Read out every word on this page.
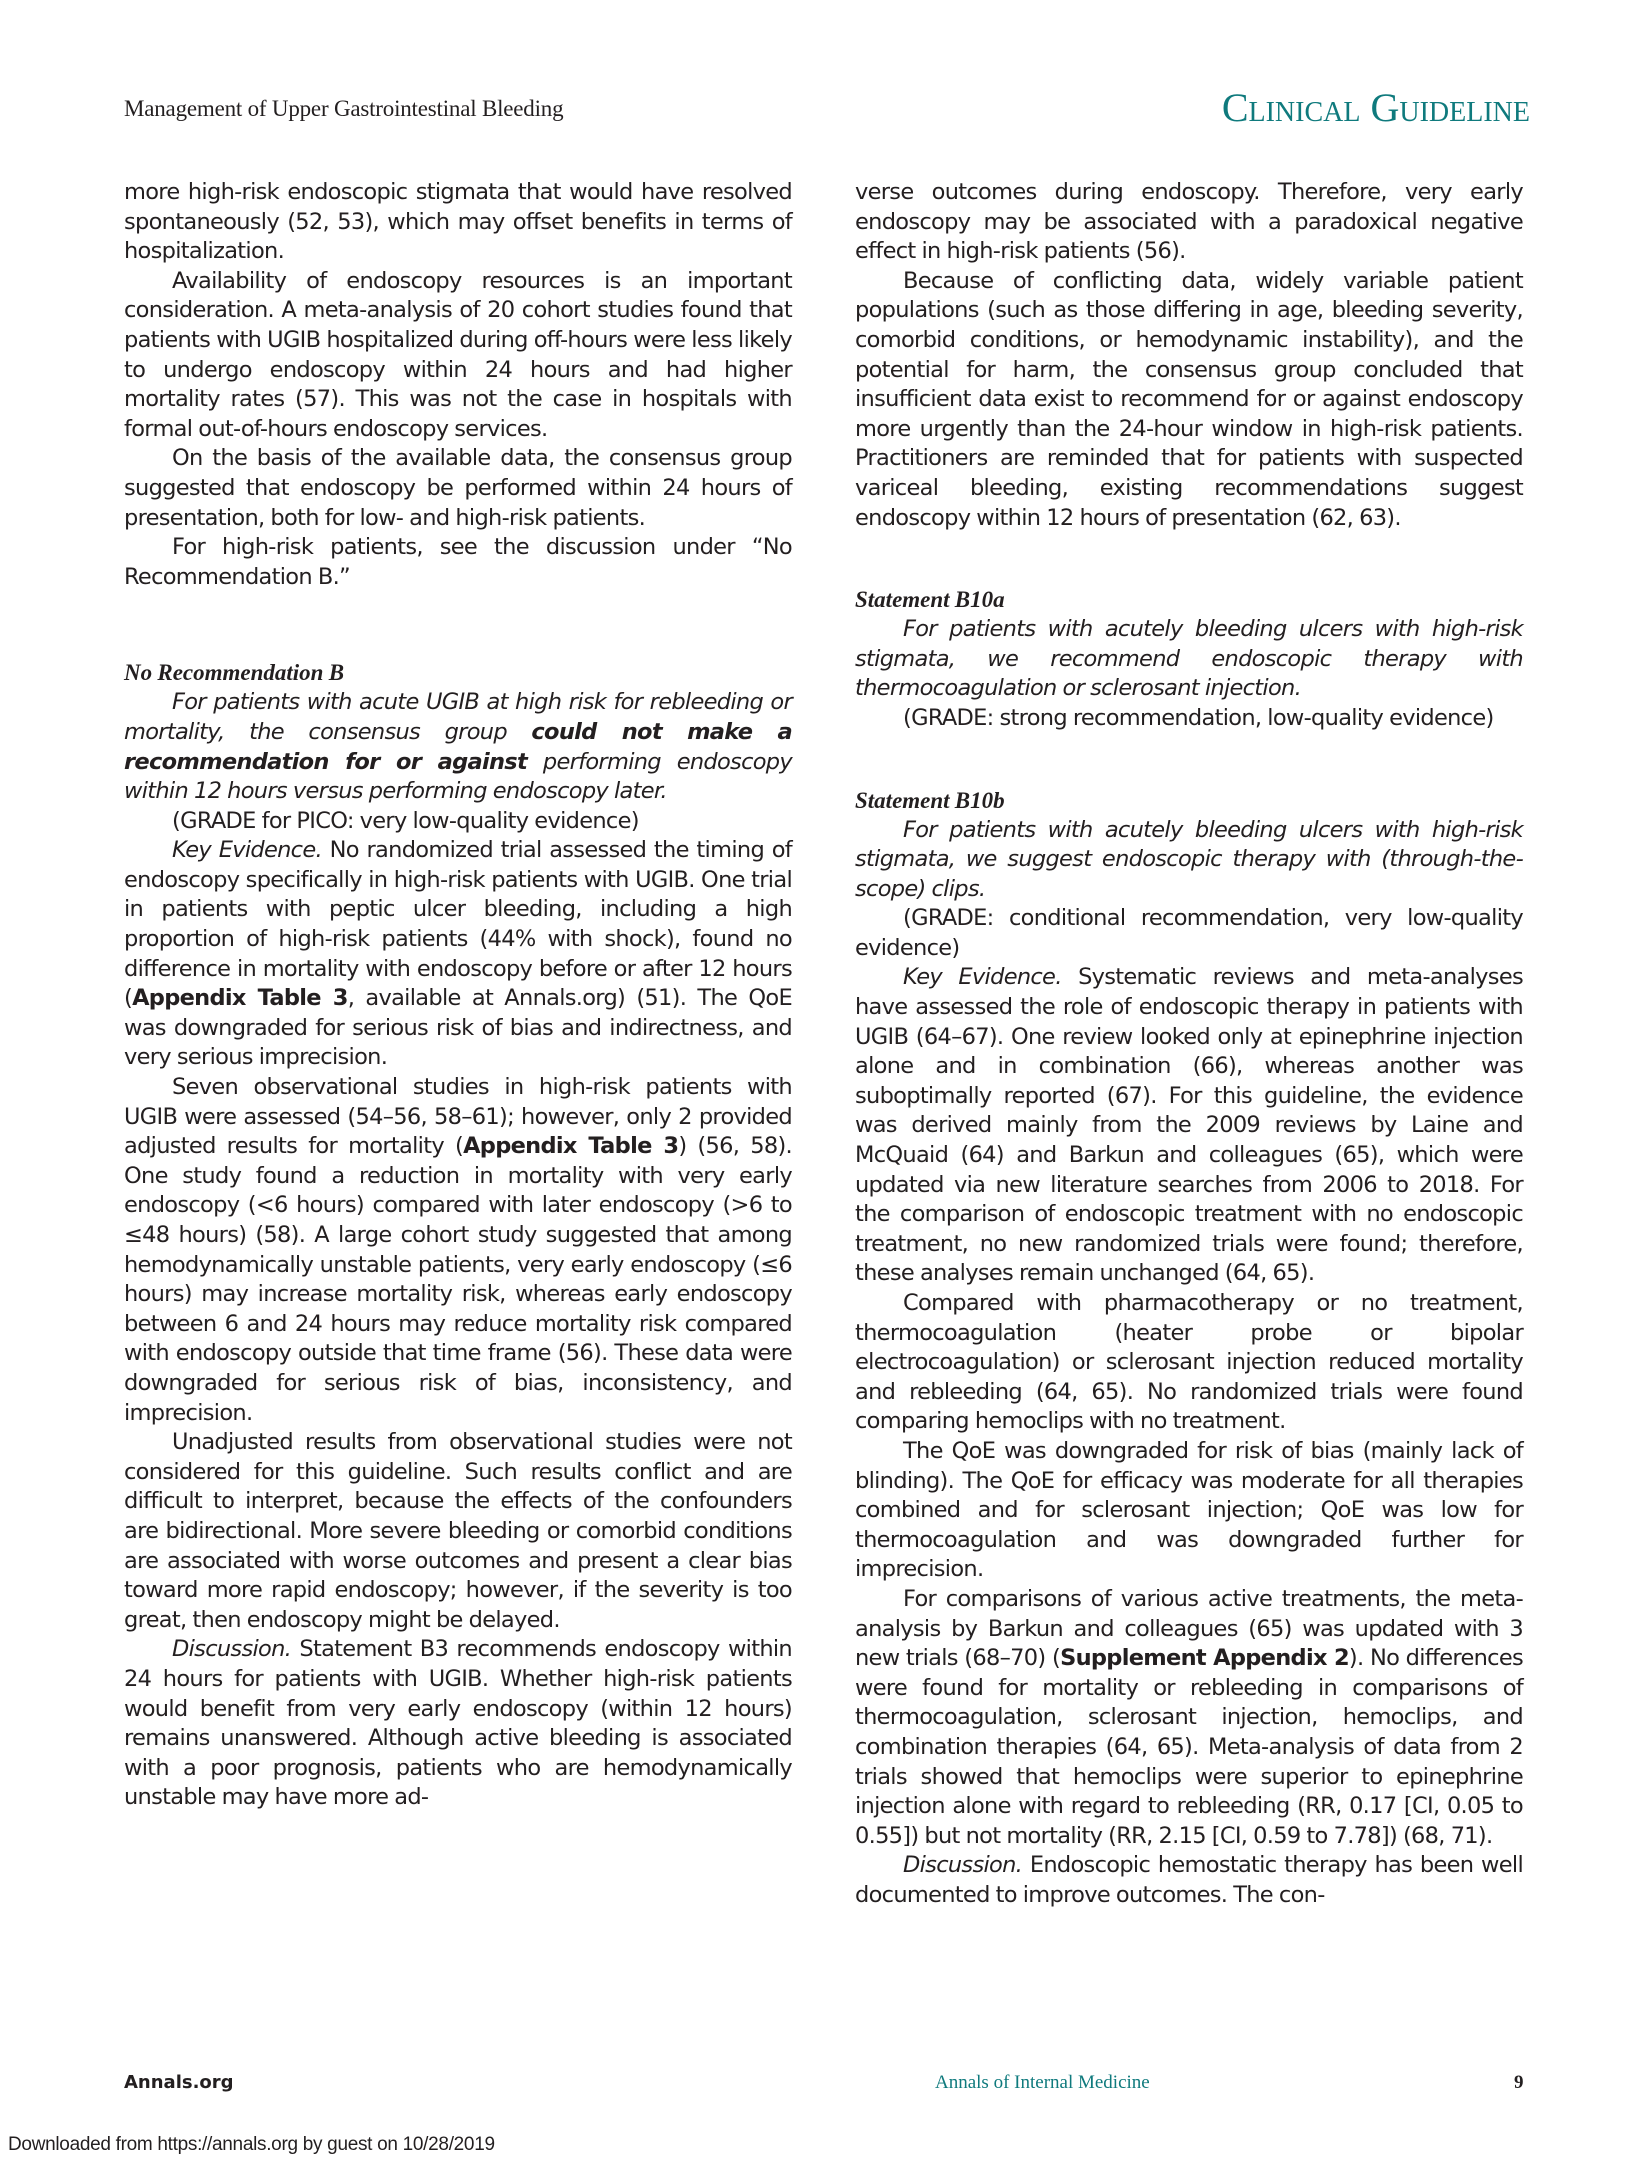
Management of Upper Gastrointestinal Bleeding	Clinical Guideline

more high-risk endoscopic stigmata that would have resolved spontaneously (52, 53), which may offset benefits in terms of hospitalization.

Availability of endoscopy resources is an important consideration. A meta-analysis of 20 cohort studies found that patients with UGIB hospitalized during off-hours were less likely to undergo endoscopy within 24 hours and had higher mortality rates (57). This was not the case in hospitals with formal out-of-hours endoscopy services.

On the basis of the available data, the consensus group suggested that endoscopy be performed within 24 hours of presentation, both for low- and high-risk patients.

For high-risk patients, see the discussion under “No Recommendation B.”

No Recommendation B

For patients with acute UGIB at high risk for rebleeding or mortality, the consensus group could not make a recommendation for or against performing endoscopy within 12 hours versus performing endoscopy later.

(GRADE for PICO: very low-quality evidence)

Key Evidence. No randomized trial assessed the timing of endoscopy specifically in high-risk patients with UGIB. One trial in patients with peptic ulcer bleeding, including a high proportion of high-risk patients (44% with shock), found no difference in mortality with endoscopy before or after 12 hours (Appendix Table 3, available at Annals.org) (51). The QoE was downgraded for serious risk of bias and indirectness, and very serious imprecision.

Seven observational studies in high-risk patients with UGIB were assessed (54–56, 58–61); however, only 2 provided adjusted results for mortality (Appendix Table 3) (56, 58). One study found a reduction in mortality with very early endoscopy (<6 hours) compared with later endoscopy (>6 to ≤48 hours) (58). A large cohort study suggested that among hemodynamically unstable patients, very early endoscopy (≤6 hours) may increase mortality risk, whereas early endoscopy between 6 and 24 hours may reduce mortality risk compared with endoscopy outside that time frame (56). These data were downgraded for serious risk of bias, inconsistency, and imprecision.

Unadjusted results from observational studies were not considered for this guideline. Such results conflict and are difficult to interpret, because the effects of the confounders are bidirectional. More severe bleeding or comorbid conditions are associated with worse outcomes and present a clear bias toward more rapid endoscopy; however, if the severity is too great, then endoscopy might be delayed.

Discussion. Statement B3 recommends endoscopy within 24 hours for patients with UGIB. Whether high-risk patients would benefit from very early endoscopy (within 12 hours) remains unanswered. Although active bleeding is associated with a poor prognosis, patients who are hemodynamically unstable may have more ad-

verse outcomes during endoscopy. Therefore, very early endoscopy may be associated with a paradoxical negative effect in high-risk patients (56).

Because of conflicting data, widely variable patient populations (such as those differing in age, bleeding severity, comorbid conditions, or hemodynamic instability), and the potential for harm, the consensus group concluded that insufficient data exist to recommend for or against endoscopy more urgently than the 24-hour window in high-risk patients. Practitioners are reminded that for patients with suspected variceal bleeding, existing recommendations suggest endoscopy within 12 hours of presentation (62, 63).

Statement B10a

For patients with acutely bleeding ulcers with high-risk stigmata, we recommend endoscopic therapy with thermocoagulation or sclerosant injection.

(GRADE: strong recommendation, low-quality evidence)

Statement B10b

For patients with acutely bleeding ulcers with high-risk stigmata, we suggest endoscopic therapy with (through-the-scope) clips.

(GRADE: conditional recommendation, very low-quality evidence)

Key Evidence. Systematic reviews and meta-analyses have assessed the role of endoscopic therapy in patients with UGIB (64–67). One review looked only at epinephrine injection alone and in combination (66), whereas another was suboptimally reported (67). For this guideline, the evidence was derived mainly from the 2009 reviews by Laine and McQuaid (64) and Barkun and colleagues (65), which were updated via new literature searches from 2006 to 2018. For the comparison of endoscopic treatment with no endoscopic treatment, no new randomized trials were found; therefore, these analyses remain unchanged (64, 65).

Compared with pharmacotherapy or no treatment, thermocoagulation (heater probe or bipolar electrocoagulation) or sclerosant injection reduced mortality and rebleeding (64, 65). No randomized trials were found comparing hemoclips with no treatment.

The QoE was downgraded for risk of bias (mainly lack of blinding). The QoE for efficacy was moderate for all therapies combined and for sclerosant injection; QoE was low for thermocoagulation and was downgraded further for imprecision.

For comparisons of various active treatments, the meta-analysis by Barkun and colleagues (65) was updated with 3 new trials (68–70) (Supplement Appendix 2). No differences were found for mortality or rebleeding in comparisons of thermocoagulation, sclerosant injection, hemoclips, and combination therapies (64, 65). Meta-analysis of data from 2 trials showed that hemoclips were superior to epinephrine injection alone with regard to rebleeding (RR, 0.17 [CI, 0.05 to 0.55]) but not mortality (RR, 2.15 [CI, 0.59 to 7.78]) (68, 71).

Discussion. Endoscopic hemostatic therapy has been well documented to improve outcomes. The con-

Annals.org	Annals of Internal Medicine	9
Downloaded from https://annals.org by guest on 10/28/2019
